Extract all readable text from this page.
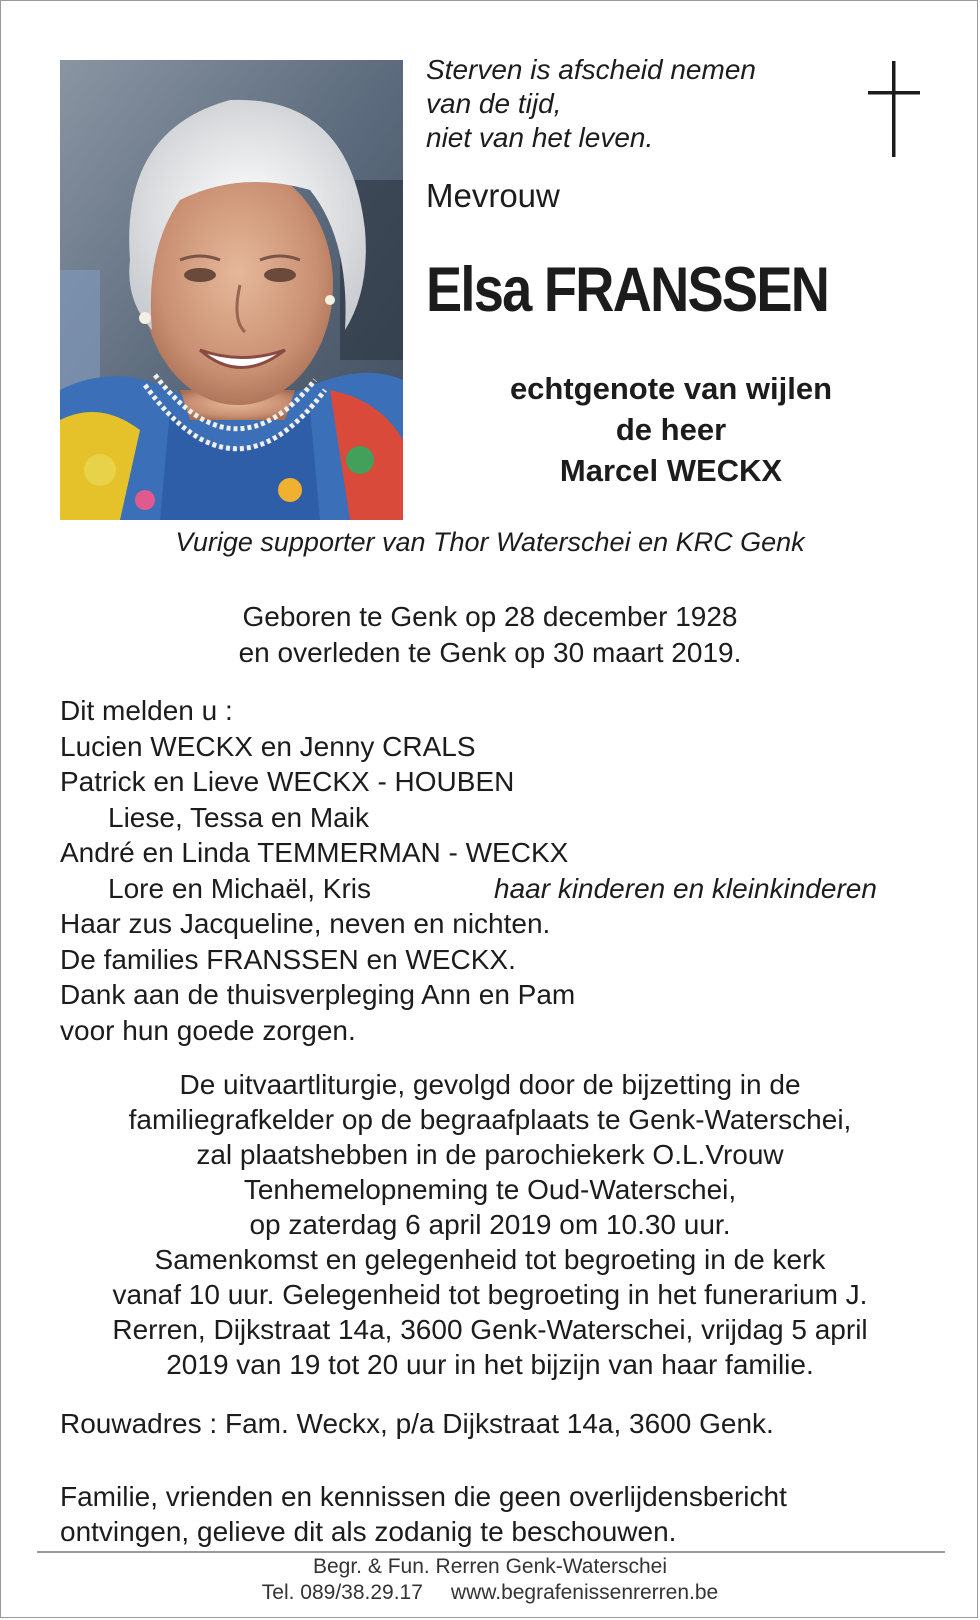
Sterven is afscheid nemen
van de tijd,
niet van het leven.
Mevrouw
Elsa FRANSSEN
echtgenote van wijlen
de heer
Marcel WECKX
Vurige supporter van Thor Waterschei en KRC Genk
Geboren te Genk op 28 december 1928
en overleden te Genk op 30 maart 2019.
Dit melden u :
Lucien WECKX en Jenny CRALS
Patrick en Lieve WECKX - HOUBEN
Liese, Tessa en Maik
André en Linda TEMMERMAN - WECKX
Lore en Michaël, Kris	haar kinderen en kleinkinderen
Haar zus Jacqueline, neven en nichten.
De families FRANSSEN en WECKX.
Dank aan de thuisverpleging Ann en Pam
voor hun goede zorgen.
De uitvaartliturgie, gevolgd door de bijzetting in de
familiegrafkelder op de begraafplaats te Genk-Waterschei,
zal plaatshebben in de parochiekerk O.L.Vrouw
Tenhemelopneming te Oud-Waterschei,
op zaterdag 6 april 2019 om 10.30 uur.
Samenkomst en gelegenheid tot begroeting in de kerk
vanaf 10 uur. Gelegenheid tot begroeting in het funerarium J.
Rerren, Dijkstraat 14a, 3600 Genk-Waterschei, vrijdag 5 april
2019 van 19 tot 20 uur in het bijzijn van haar familie.
Rouwadres : Fam. Weckx, p/a Dijkstraat 14a, 3600 Genk.
Familie, vrienden en kennissen die geen overlijdensbericht
ontvingen, gelieve dit als zodanig te beschouwen.
Begr. & Fun. Rerren Genk-Waterschei
Tel. 089/38.29.17 www.begrafenissenrerren.be
